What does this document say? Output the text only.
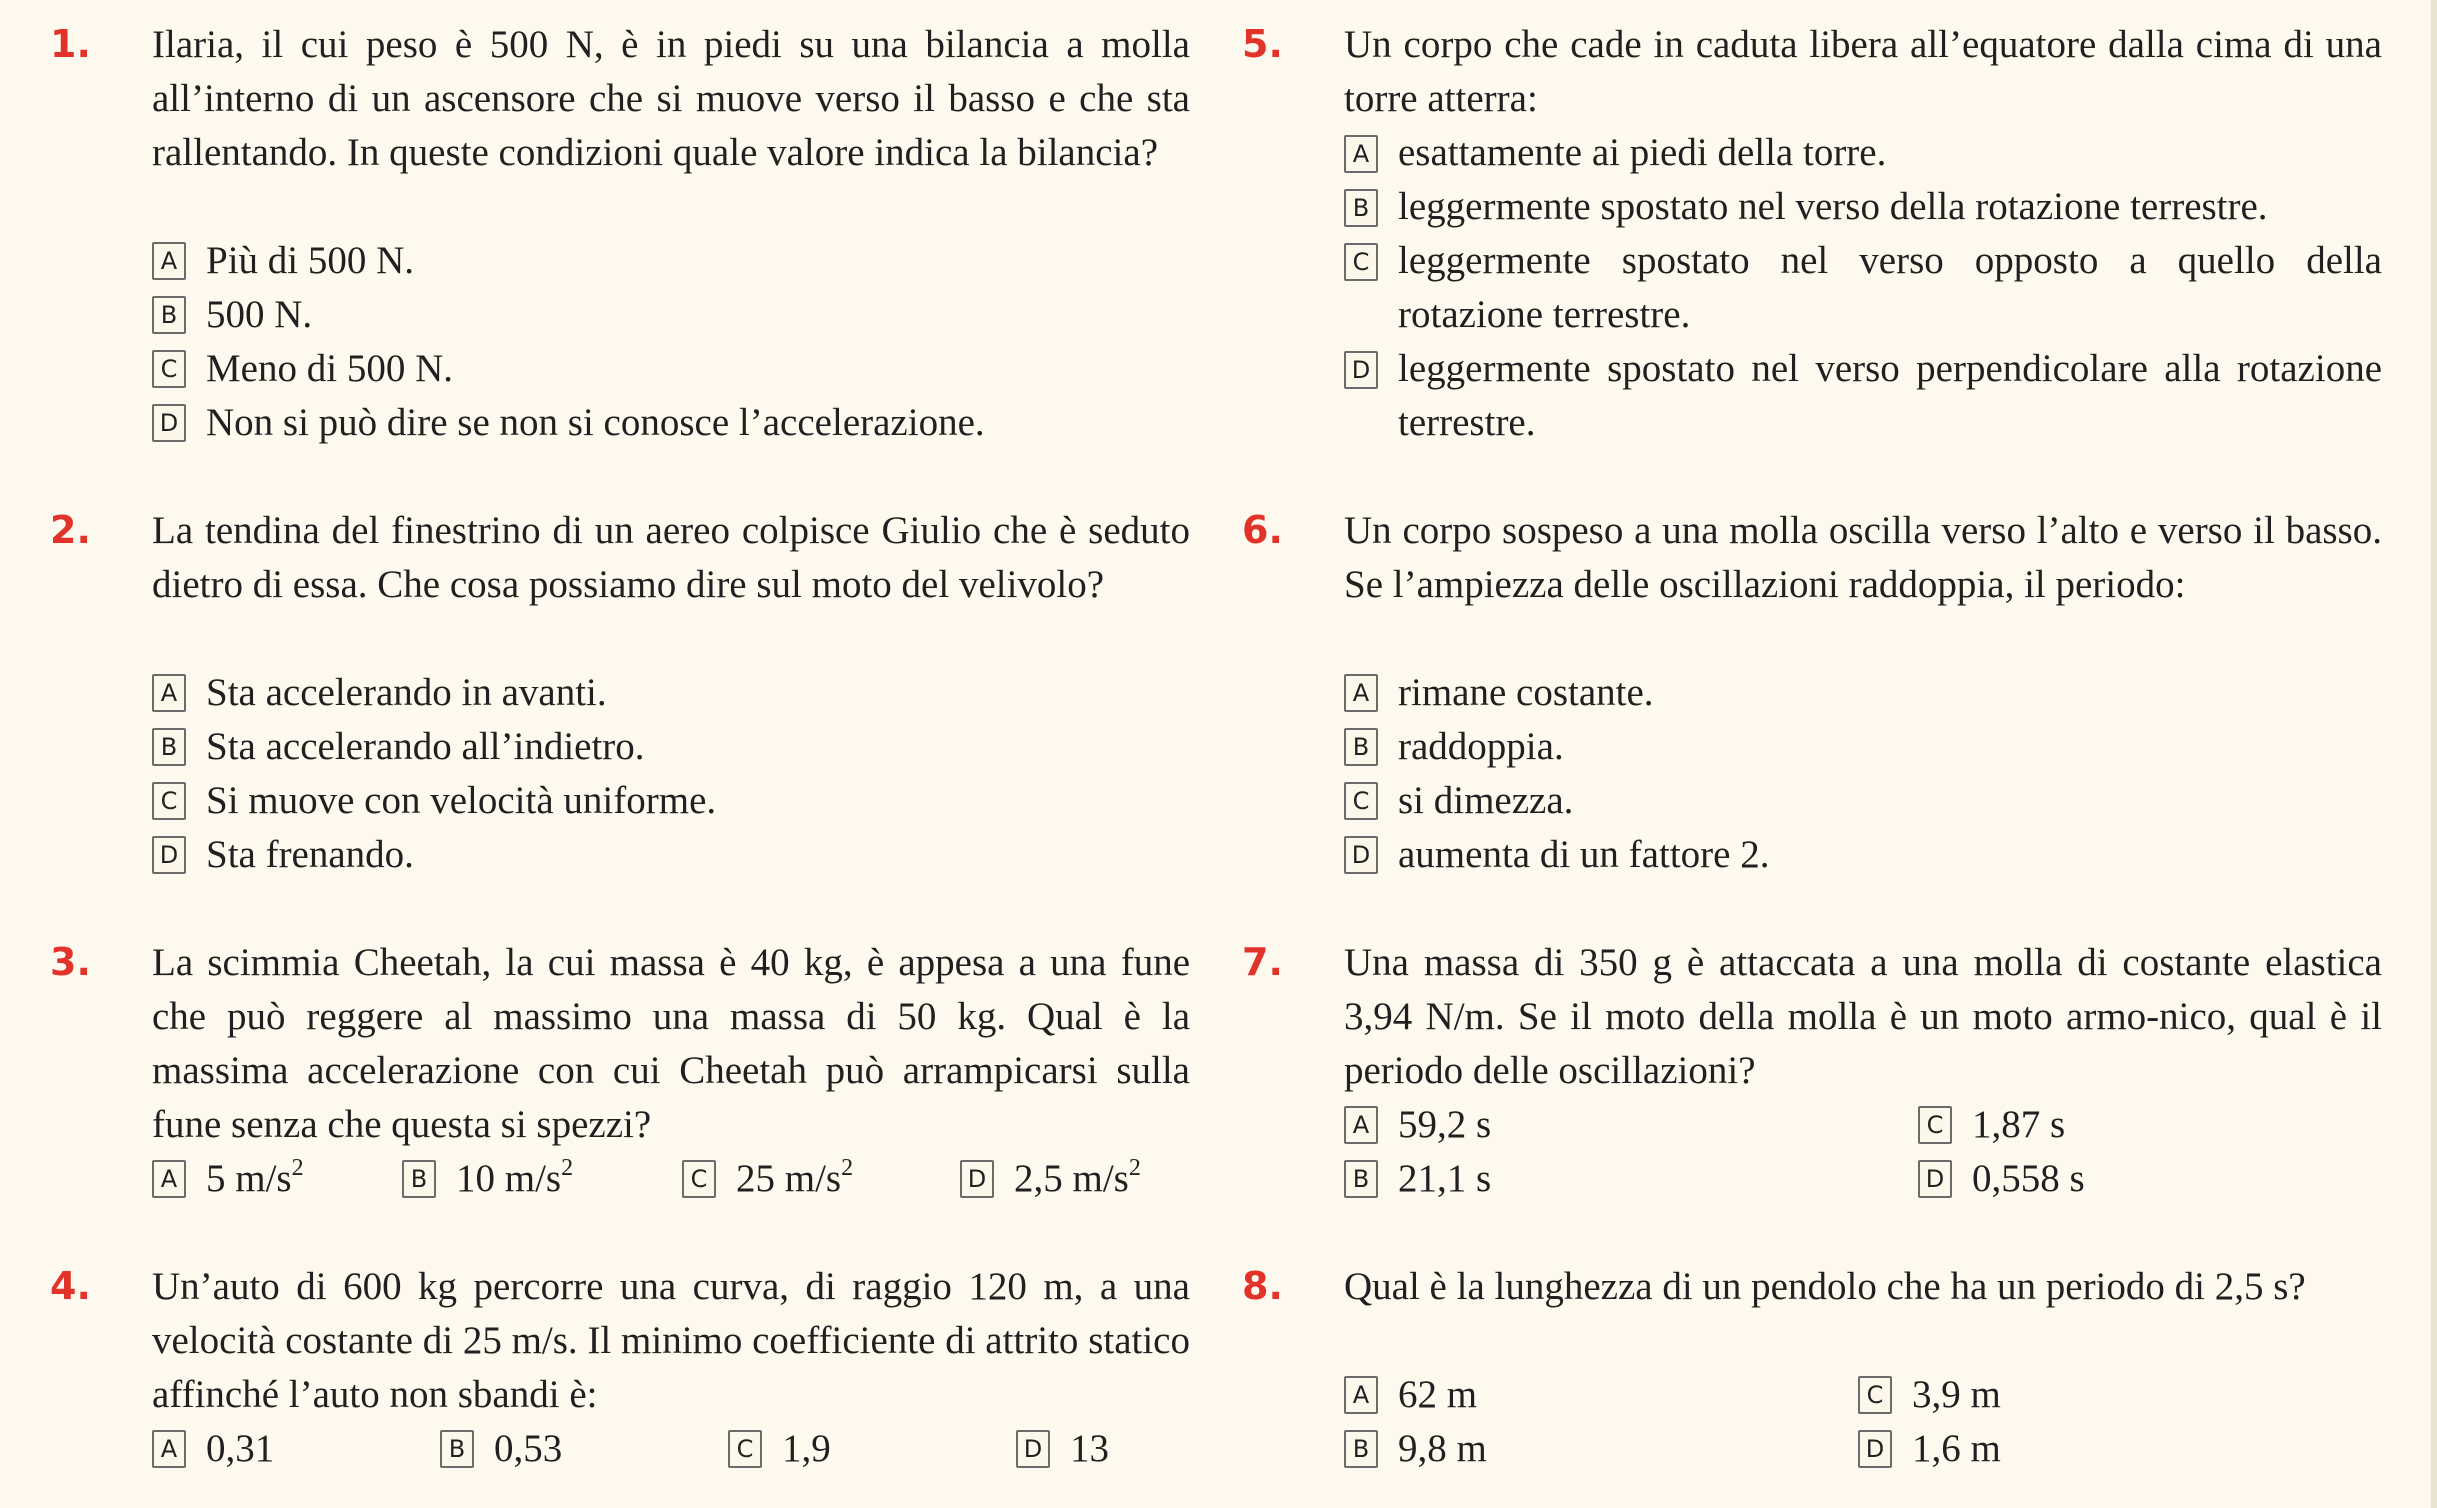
1. Ilaria, il cui peso è 500 N, è in piedi su una bilancia a molla all’interno di un ascensore che si muove verso il basso e che sta rallentando. In queste condizioni quale valore indica la bilancia?
A Più di 500 N.
B 500 N.
C Meno di 500 N.
D Non si può dire se non si conosce l’accelerazione.
2. La tendina del finestrino di un aereo colpisce Giulio che è seduto dietro di essa. Che cosa possiamo dire sul moto del velivolo?
A Sta accelerando in avanti.
B Sta accelerando all’indietro.
C Si muove con velocità uniforme.
D Sta frenando.
3. La scimmia Cheetah, la cui massa è 40 kg, è appesa a una fune che può reggere al massimo una massa di 50 kg. Qual è la massima accelerazione con cui Cheetah può arrampicarsi sulla fune senza che questa si spezzi?
A 5 $m/s^2$	B 10 $m/s^2$	C 25 $m/s^2$	D 2,5 $m/s^2$
4. Un’auto di 600 kg percorre una curva, di raggio 120 m, a una velocità costante di 25 m/s. Il minimo coefficiente di attrito statico affinché l’auto non sbandi è:
A 0,31	B 0,53	C 1,9	D 13
5. Un corpo che cade in caduta libera all’equatore dalla cima di una torre atterra:
A esattamente ai piedi della torre.
B leggermente spostato nel verso della rotazione terrestre.
C leggermente spostato nel verso opposto a quello della rotazione terrestre.
D leggermente spostato nel verso perpendicolare alla rotazione terrestre.
6. Un corpo sospeso a una molla oscilla verso l’alto e verso il basso. Se l’ampiezza delle oscillazioni raddoppia, il periodo:
A rimane costante.
B raddoppia.
C si dimezza.
D aumenta di un fattore 2.
7. Una massa di 350 g è attaccata a una molla di costante elastica 3,94 N/m. Se il moto della molla è un moto armo-nico, qual è il periodo delle oscillazioni?
A 59,2 s	C 1,87 s
B 21,1 s	D 0,558 s
8. Qual è la lunghezza di un pendolo che ha un periodo di 2,5 s?
A 62 m	C 3,9 m
B 9,8 m	D 1,6 m
